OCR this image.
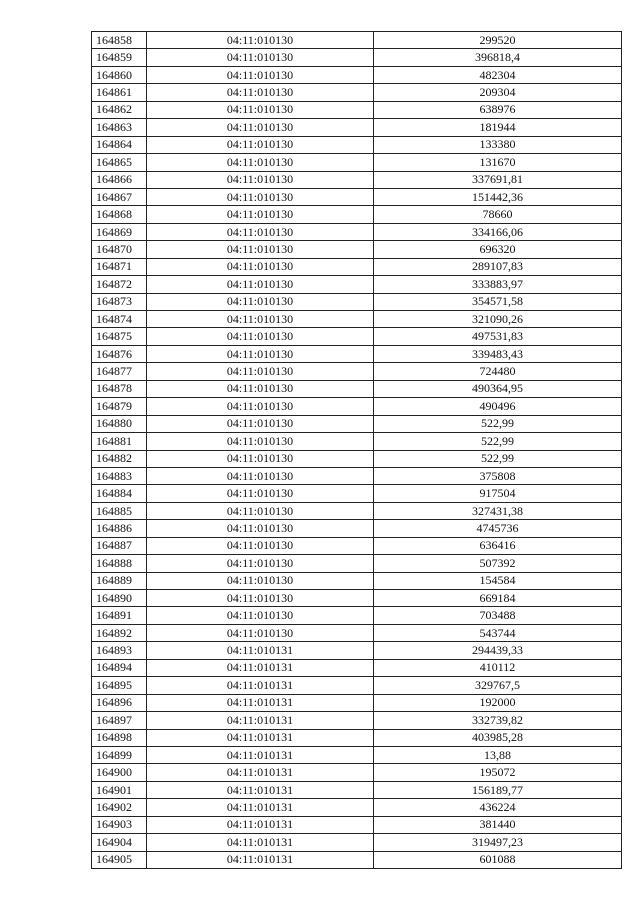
164858	04:11:010130	299520
164859	04:11:010130	396818,4
164860	04:11:010130	482304
164861	04:11:010130	209304
164862	04:11:010130	638976
164863	04:11:010130	181944
164864	04:11:010130	133380
164865	04:11:010130	131670
164866	04:11:010130	337691,81
164867	04:11:010130	151442,36
164868	04:11:010130	78660
164869	04:11:010130	334166,06
164870	04:11:010130	696320
164871	04:11:010130	289107,83
164872	04:11:010130	333883,97
164873	04:11:010130	354571,58
164874	04:11:010130	321090,26
164875	04:11:010130	497531,83
164876	04:11:010130	339483,43
164877	04:11:010130	724480
164878	04:11:010130	490364,95
164879	04:11:010130	490496
164880	04:11:010130	522,99
164881	04:11:010130	522,99
164882	04:11:010130	522,99
164883	04:11:010130	375808
164884	04:11:010130	917504
164885	04:11:010130	327431,38
164886	04:11:010130	4745736
164887	04:11:010130	636416
164888	04:11:010130	507392
164889	04:11:010130	154584
164890	04:11:010130	669184
164891	04:11:010130	703488
164892	04:11:010130	543744
164893	04:11:010131	294439,33
164894	04:11:010131	410112
164895	04:11:010131	329767,5
164896	04:11:010131	192000
164897	04:11:010131	332739,82
164898	04:11:010131	403985,28
164899	04:11:010131	13,88
164900	04:11:010131	195072
164901	04:11:010131	156189,77
164902	04:11:010131	436224
164903	04:11:010131	381440
164904	04:11:010131	319497,23
164905	04:11:010131	601088
